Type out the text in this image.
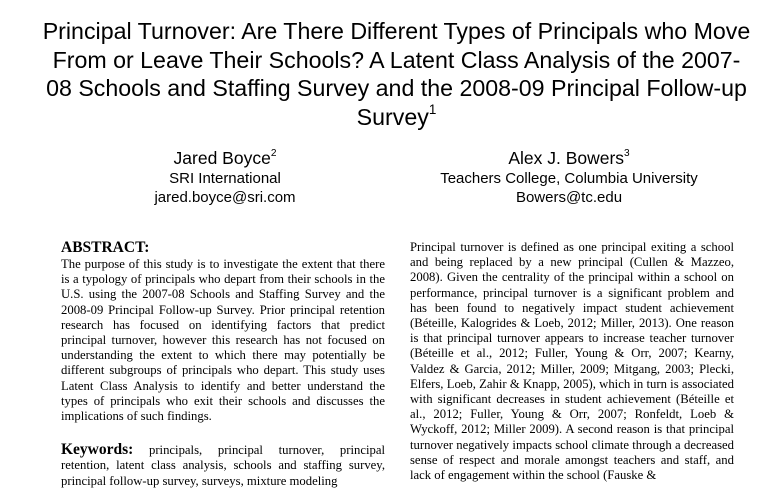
Principal Turnover: Are There Different Types of Principals who Move From or Leave Their Schools? A Latent Class Analysis of the 2007-08 Schools and Staffing Survey and the 2008-09 Principal Follow-up Survey$^1$
Jared Boyce$^2$
SRI International
jared.boyce@sri.com
Alex J. Bowers$^3$
Teachers College, Columbia University
Bowers@tc.edu
ABSTRACT:
The purpose of this study is to investigate the extent that there is a typology of principals who depart from their schools in the U.S. using the 2007-08 Schools and Staffing Survey and the 2008-09 Principal Follow-up Survey. Prior principal retention research has focused on identifying factors that predict principal turnover, however this research has not focused on understanding the extent to which there may potentially be different subgroups of principals who depart. This study uses Latent Class Analysis to identify and better understand the types of principals who exit their schools and discusses the implications of such findings.
Keywords: principals, principal turnover, principal retention, latent class analysis, schools and staffing survey, principal follow-up survey, surveys, mixture modeling
Principal turnover is defined as one principal exiting a school and being replaced by a new principal (Cullen & Mazzeo, 2008). Given the centrality of the principal within a school on performance, principal turnover is a significant problem and has been found to negatively impact student achievement (Béteille, Kalogrides & Loeb, 2012; Miller, 2013). One reason is that principal turnover appears to increase teacher turnover (Béteille et al., 2012; Fuller, Young & Orr, 2007; Kearny, Valdez & Garcia, 2012; Miller, 2009; Mitgang, 2003; Plecki, Elfers, Loeb, Zahir & Knapp, 2005), which in turn is associated with significant decreases in student achievement (Béteille et al., 2012; Fuller, Young & Orr, 2007; Ronfeldt, Loeb & Wyckoff, 2012; Miller 2009). A second reason is that principal turnover negatively impacts school climate through a decreased sense of respect and morale amongst teachers and staff, and lack of engagement within the school (Fauske &
